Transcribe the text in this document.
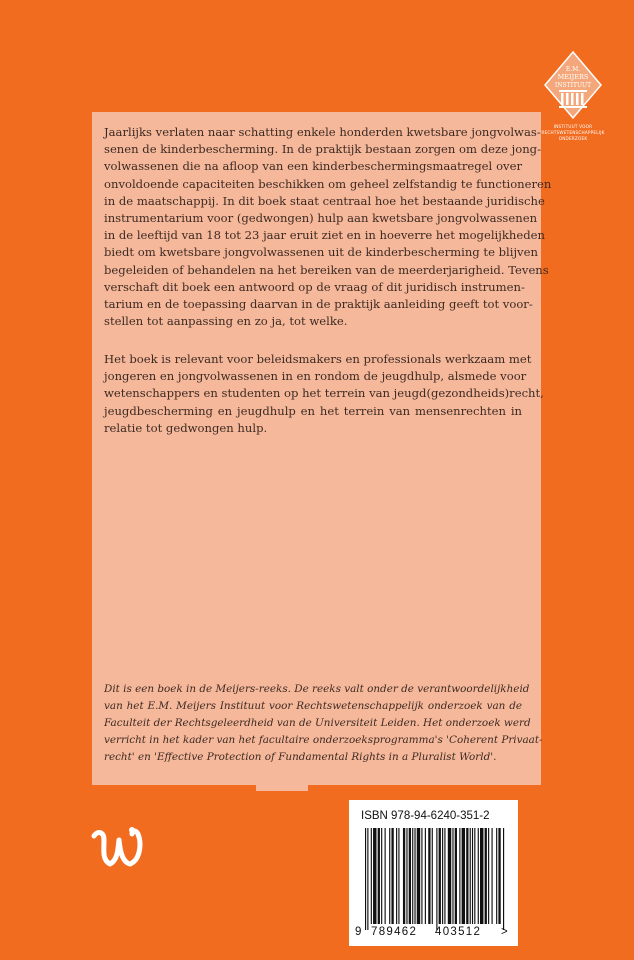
E.M.
MEIJERS
INSTITUUT
INSTITUUT VOOR
RECHTSWETENSCHAPPELIJK
ONDERZOEK
Jaarlijks verlaten naar schatting enkele honderden kwetsbare jongvolwas-
senen de kinderbescherming. In de praktijk bestaan zorgen om deze jong-
volwassenen die na afloop van een kinderbeschermingsmaatregel over
onvoldoende capaciteiten beschikken om geheel zelfstandig te functioneren
in de maatschappij. In dit boek staat centraal hoe het bestaande juridische
instrumentarium voor (gedwongen) hulp aan kwetsbare jongvolwassenen
in de leeftijd van 18 tot 23 jaar eruit ziet en in hoeverre het mogelijkheden
biedt om kwetsbare jongvolwassenen uit de kinderbescherming te blijven
begeleiden of behandelen na het bereiken van de meerderjarigheid. Tevens
verschaft dit boek een antwoord op de vraag of dit juridisch instrumen-
tarium en de toepassing daarvan in de praktijk aanleiding geeft tot voor-
stellen tot aanpassing en zo ja, tot welke.
Het boek is relevant voor beleidsmakers en professionals werkzaam met
jongeren en jongvolwassenen in en rondom de jeugdhulp, alsmede voor
wetenschappers en studenten op het terrein van jeugd(gezondheids)recht,
jeugdbescherming en jeugdhulp en het terrein van mensenrechten in
relatie tot gedwongen hulp.
Dit is een boek in de Meijers-reeks. De reeks valt onder de verantwoordelijkheid
van het E.M. Meijers Instituut voor Rechtswetenschappelijk onderzoek van de
Faculteit der Rechtsgeleerdheid van de Universiteit Leiden. Het onderzoek werd
verricht in het kader van het facultaire onderzoeksprogramma's 'Coherent Privaat-
recht' en 'Effective Protection of Fundamental Rights in a Pluralist World'.
ISBN 978-94-6240-351-2
9 789462 403512 >
